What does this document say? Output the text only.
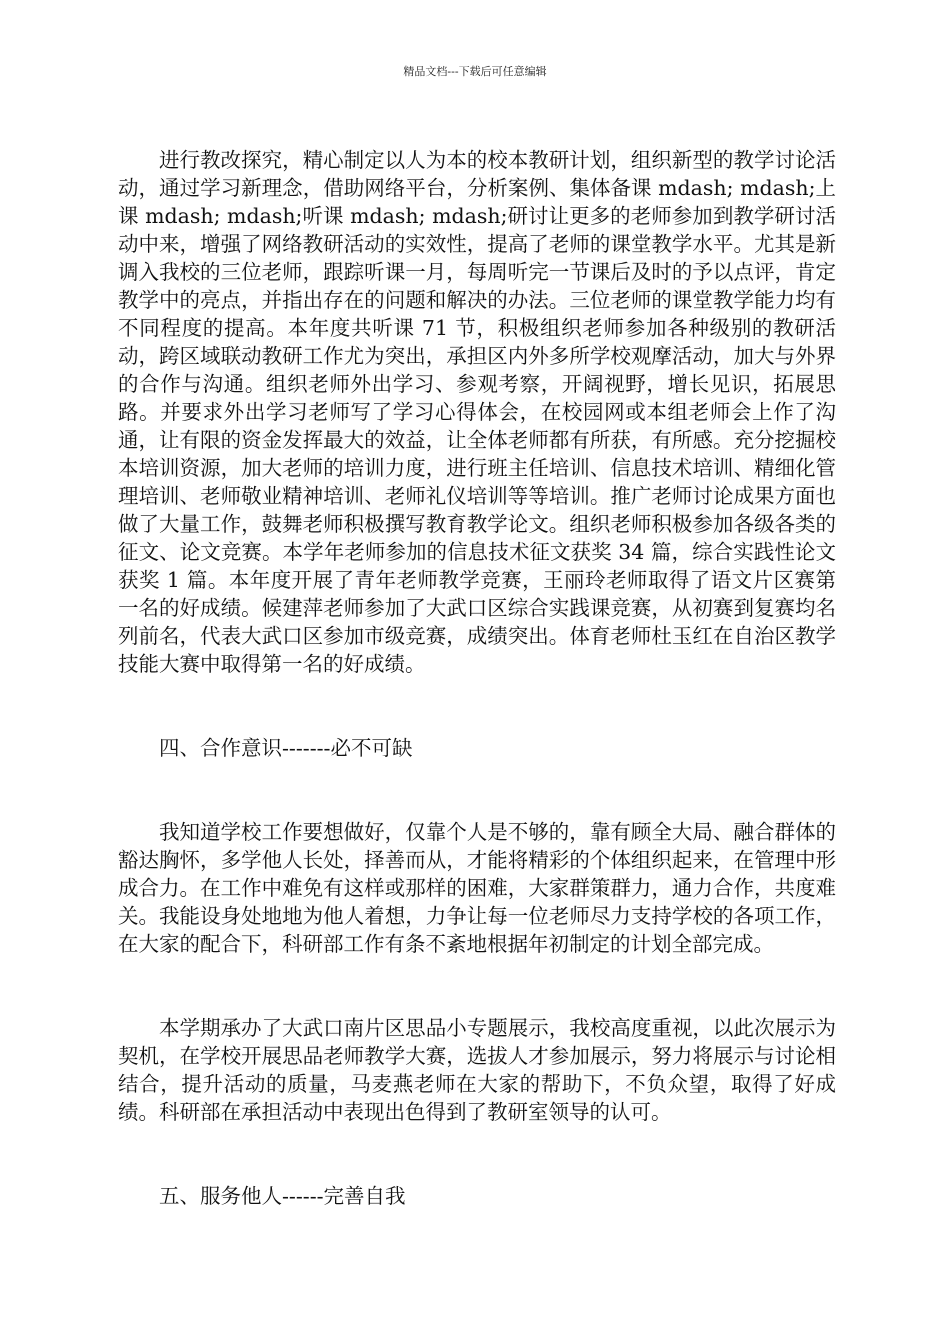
精品文档---下载后可任意编辑

进行教改探究，精心制定以人为本的校本教研计划，组织新型的教学讨论活动，通过学习新理念，借助网络平台，分析案例、集体备课 mdash; mdash;上课 mdash; mdash;听课 mdash; mdash;研讨让更多的老师参加到教学研讨活动中来，增强了网络教研活动的实效性，提高了老师的课堂教学水平。尤其是新调入我校的三位老师，跟踪听课一月，每周听完一节课后及时的予以点评，肯定教学中的亮点，并指出存在的问题和解决的办法。三位老师的课堂教学能力均有不同程度的提高。本年度共听课 71 节，积极组织老师参加各种级别的教研活动，跨区域联动教研工作尤为突出，承担区内外多所学校观摩活动，加大与外界的合作与沟通。组织老师外出学习、参观考察，开阔视野，增长见识，拓展思路。并要求外出学习老师写了学习心得体会，在校园网或本组老师会上作了沟通，让有限的资金发挥最大的效益，让全体老师都有所获，有所感。充分挖掘校本培训资源，加大老师的培训力度，进行班主任培训、信息技术培训、精细化管理培训、老师敬业精神培训、老师礼仪培训等等培训。推广老师讨论成果方面也做了大量工作，鼓舞老师积极撰写教育教学论文。组织老师积极参加各级各类的征文、论文竞赛。本学年老师参加的信息技术征文获奖 34 篇，综合实践性论文获奖 1 篇。本年度开展了青年老师教学竞赛，王丽玲老师取得了语文片区赛第一名的好成绩。候建萍老师参加了大武口区综合实践课竞赛，从初赛到复赛均名列前名，代表大武口区参加市级竞赛，成绩突出。体育老师杜玉红在自治区教学技能大赛中取得第一名的好成绩。

四、合作意识-------必不可缺

我知道学校工作要想做好，仅靠个人是不够的，靠有顾全大局、融合群体的豁达胸怀，多学他人长处，择善而从，才能将精彩的个体组织起来，在管理中形成合力。在工作中难免有这样或那样的困难，大家群策群力，通力合作，共度难关。我能设身处地地为他人着想，力争让每一位老师尽力支持学校的各项工作，在大家的配合下，科研部工作有条不紊地根据年初制定的计划全部完成。

本学期承办了大武口南片区思品小专题展示，我校高度重视，以此次展示为契机，在学校开展思品老师教学大赛，选拔人才参加展示，努力将展示与讨论相结合，提升活动的质量，马麦燕老师在大家的帮助下，不负众望，取得了好成绩。科研部在承担活动中表现出色得到了教研室领导的认可。

五、服务他人------完善自我
